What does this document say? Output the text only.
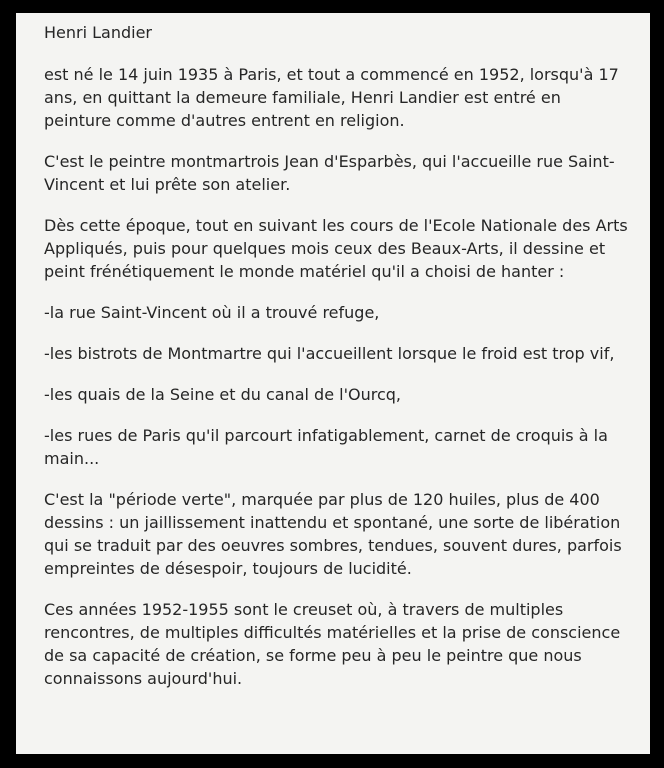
Henri Landier

est né le 14 juin 1935 à Paris, et tout a commencé en 1952, lorsqu'à 17 ans, en quittant la demeure familiale, Henri Landier est entré en peinture comme d'autres entrent en religion.

C'est le peintre montmartrois Jean d'Esparbès, qui l'accueille rue Saint-Vincent et lui prête son atelier.

Dès cette époque, tout en suivant les cours de l'Ecole Nationale des Arts Appliqués, puis pour quelques mois ceux des Beaux-Arts, il dessine et peint frénétiquement le monde matériel qu'il a choisi de hanter :

-la rue Saint-Vincent où il a trouvé refuge,

-les bistrots de Montmartre qui l'accueillent lorsque le froid est trop vif,

-les quais de la Seine et du canal de l'Ourcq,

-les rues de Paris qu'il parcourt infatigablement, carnet de croquis à la main...

C'est la "période verte", marquée par plus de 120 huiles, plus de 400 dessins : un jaillissement inattendu et spontané, une sorte de libération qui se traduit par des oeuvres sombres, tendues, souvent dures, parfois empreintes de désespoir, toujours de lucidité.

Ces années 1952-1955 sont le creuset où, à travers de multiples rencontres, de multiples difficultés matérielles et la prise de conscience de sa capacité de création, se forme peu à peu le peintre que nous connaissons aujourd'hui.
